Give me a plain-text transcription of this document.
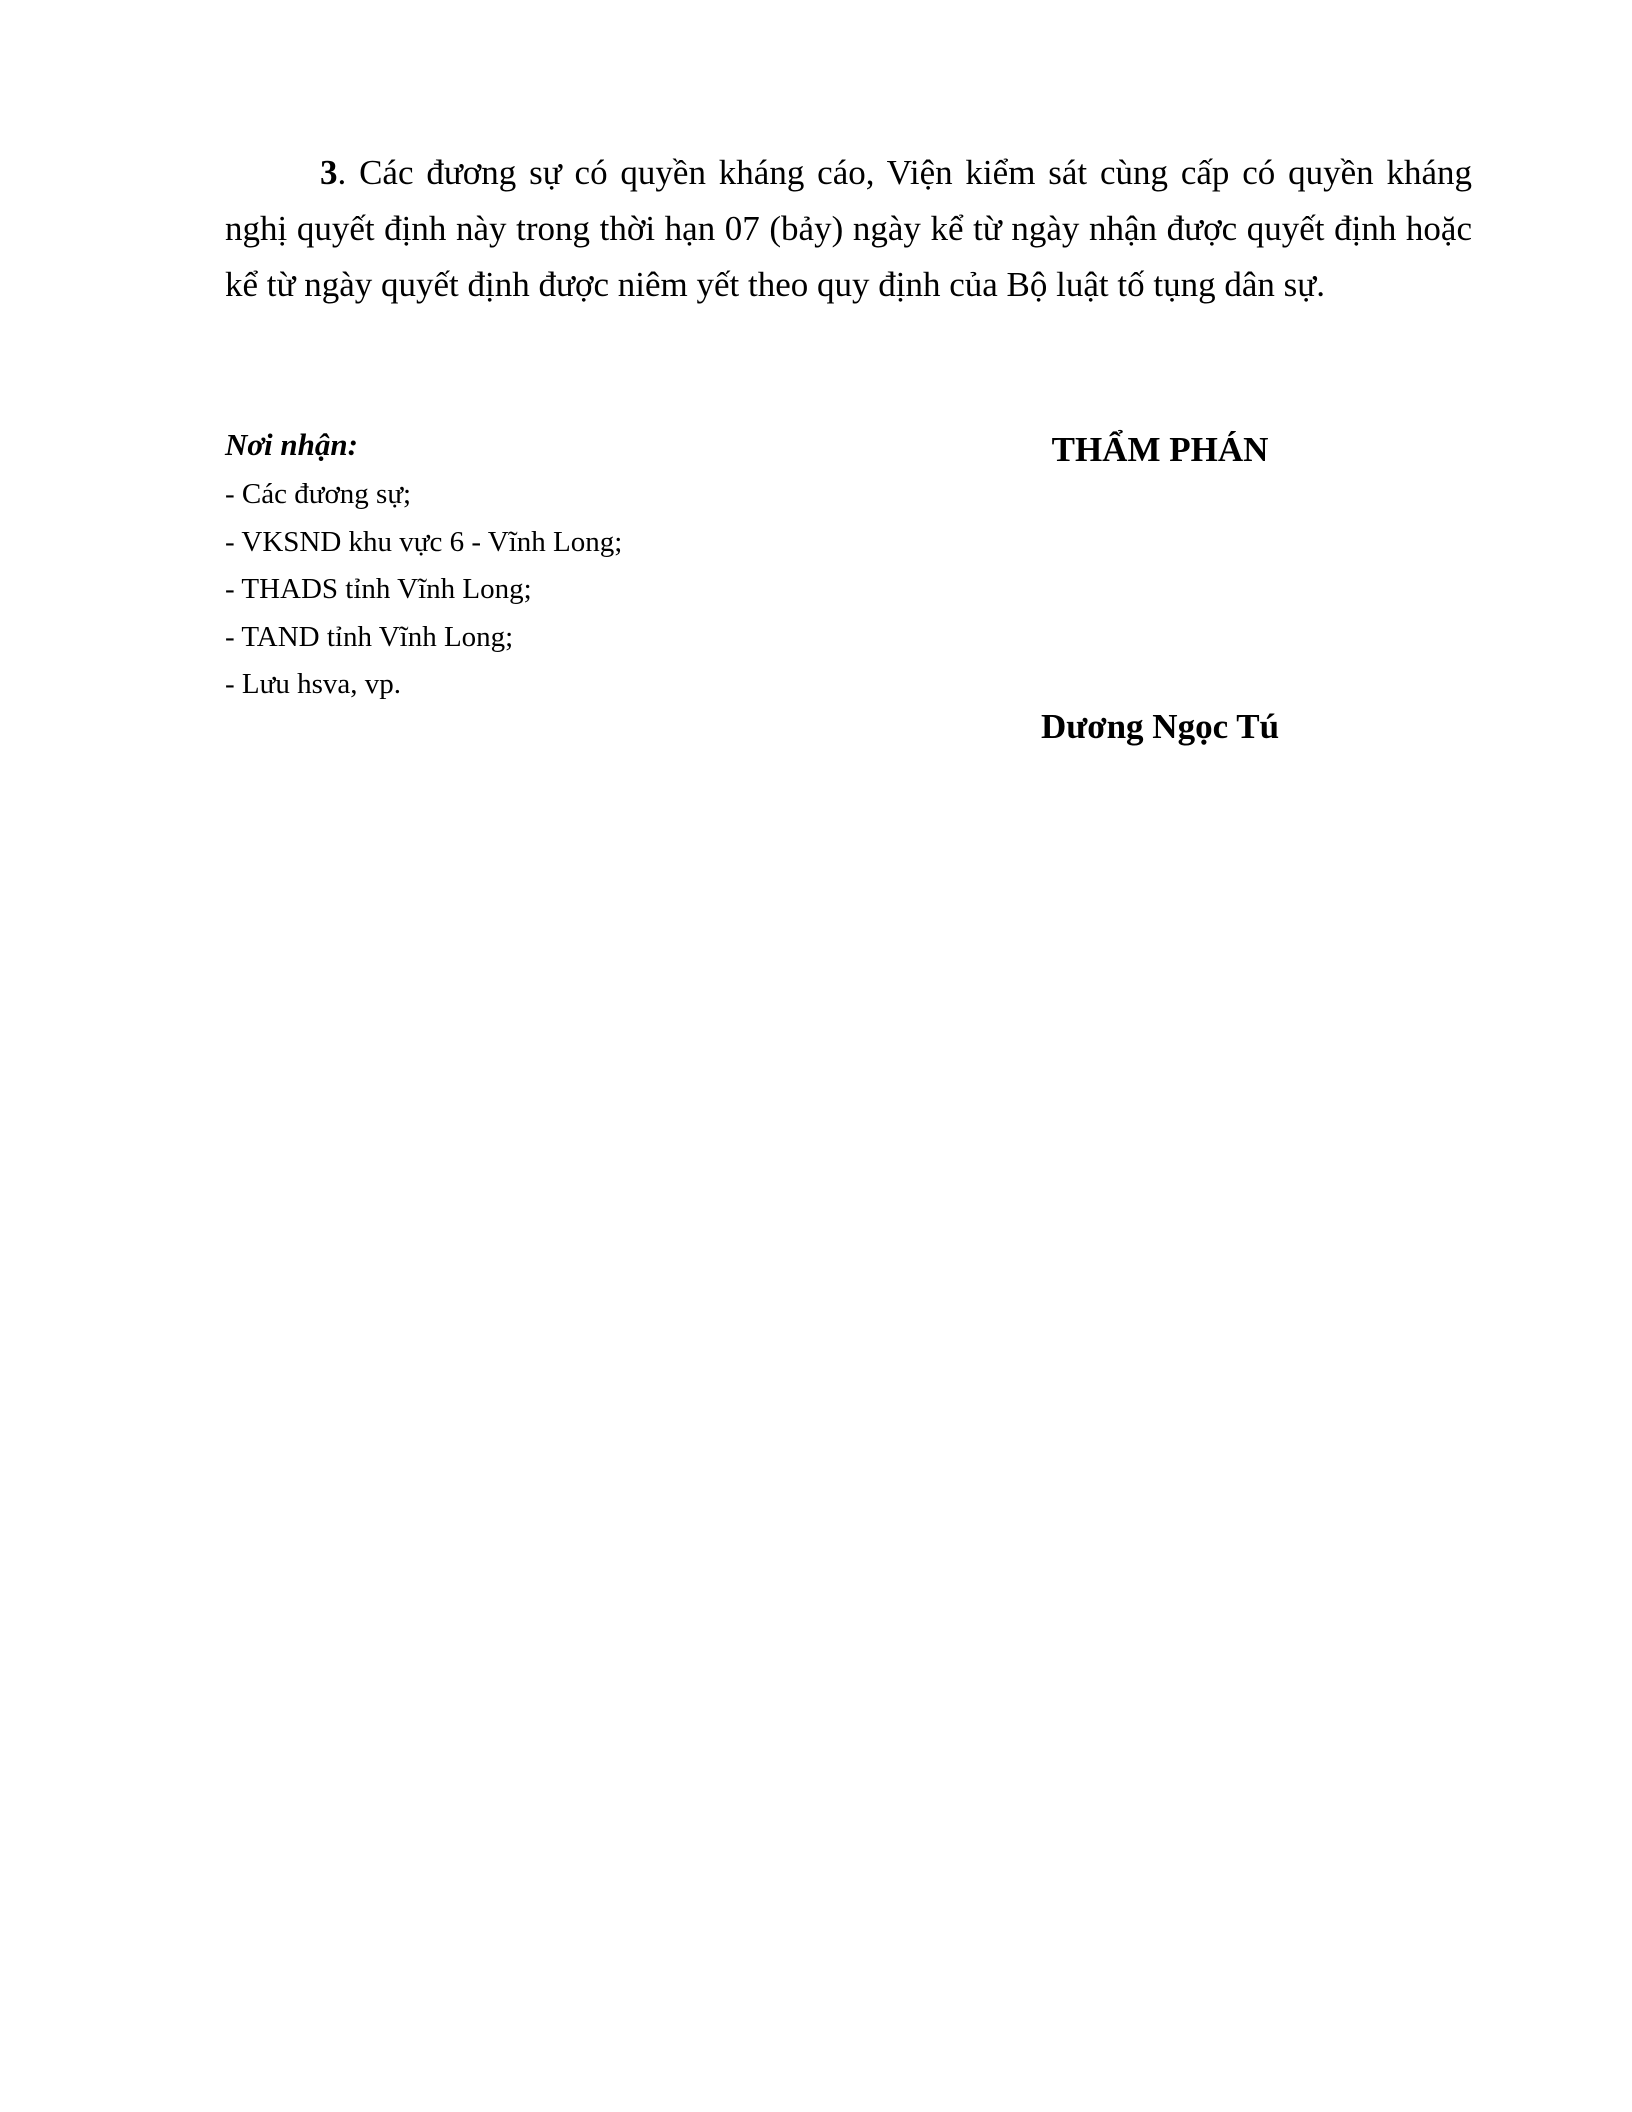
3. Các đương sự có quyền kháng cáo, Viện kiểm sát cùng cấp có quyền kháng nghị quyết định này trong thời hạn 07 (bảy) ngày kể từ ngày nhận được quyết định hoặc kể từ ngày quyết định được niêm yết theo quy định của Bộ luật tố tụng dân sự.

Nơi nhận:

- Các đương sự;
- VKSND khu vực 6 - Vĩnh Long;
- THADS tỉnh Vĩnh Long;
- TAND tỉnh Vĩnh Long;
- Lưu hsva, vp.

THẨM PHÁN

Dương Ngọc Tú
